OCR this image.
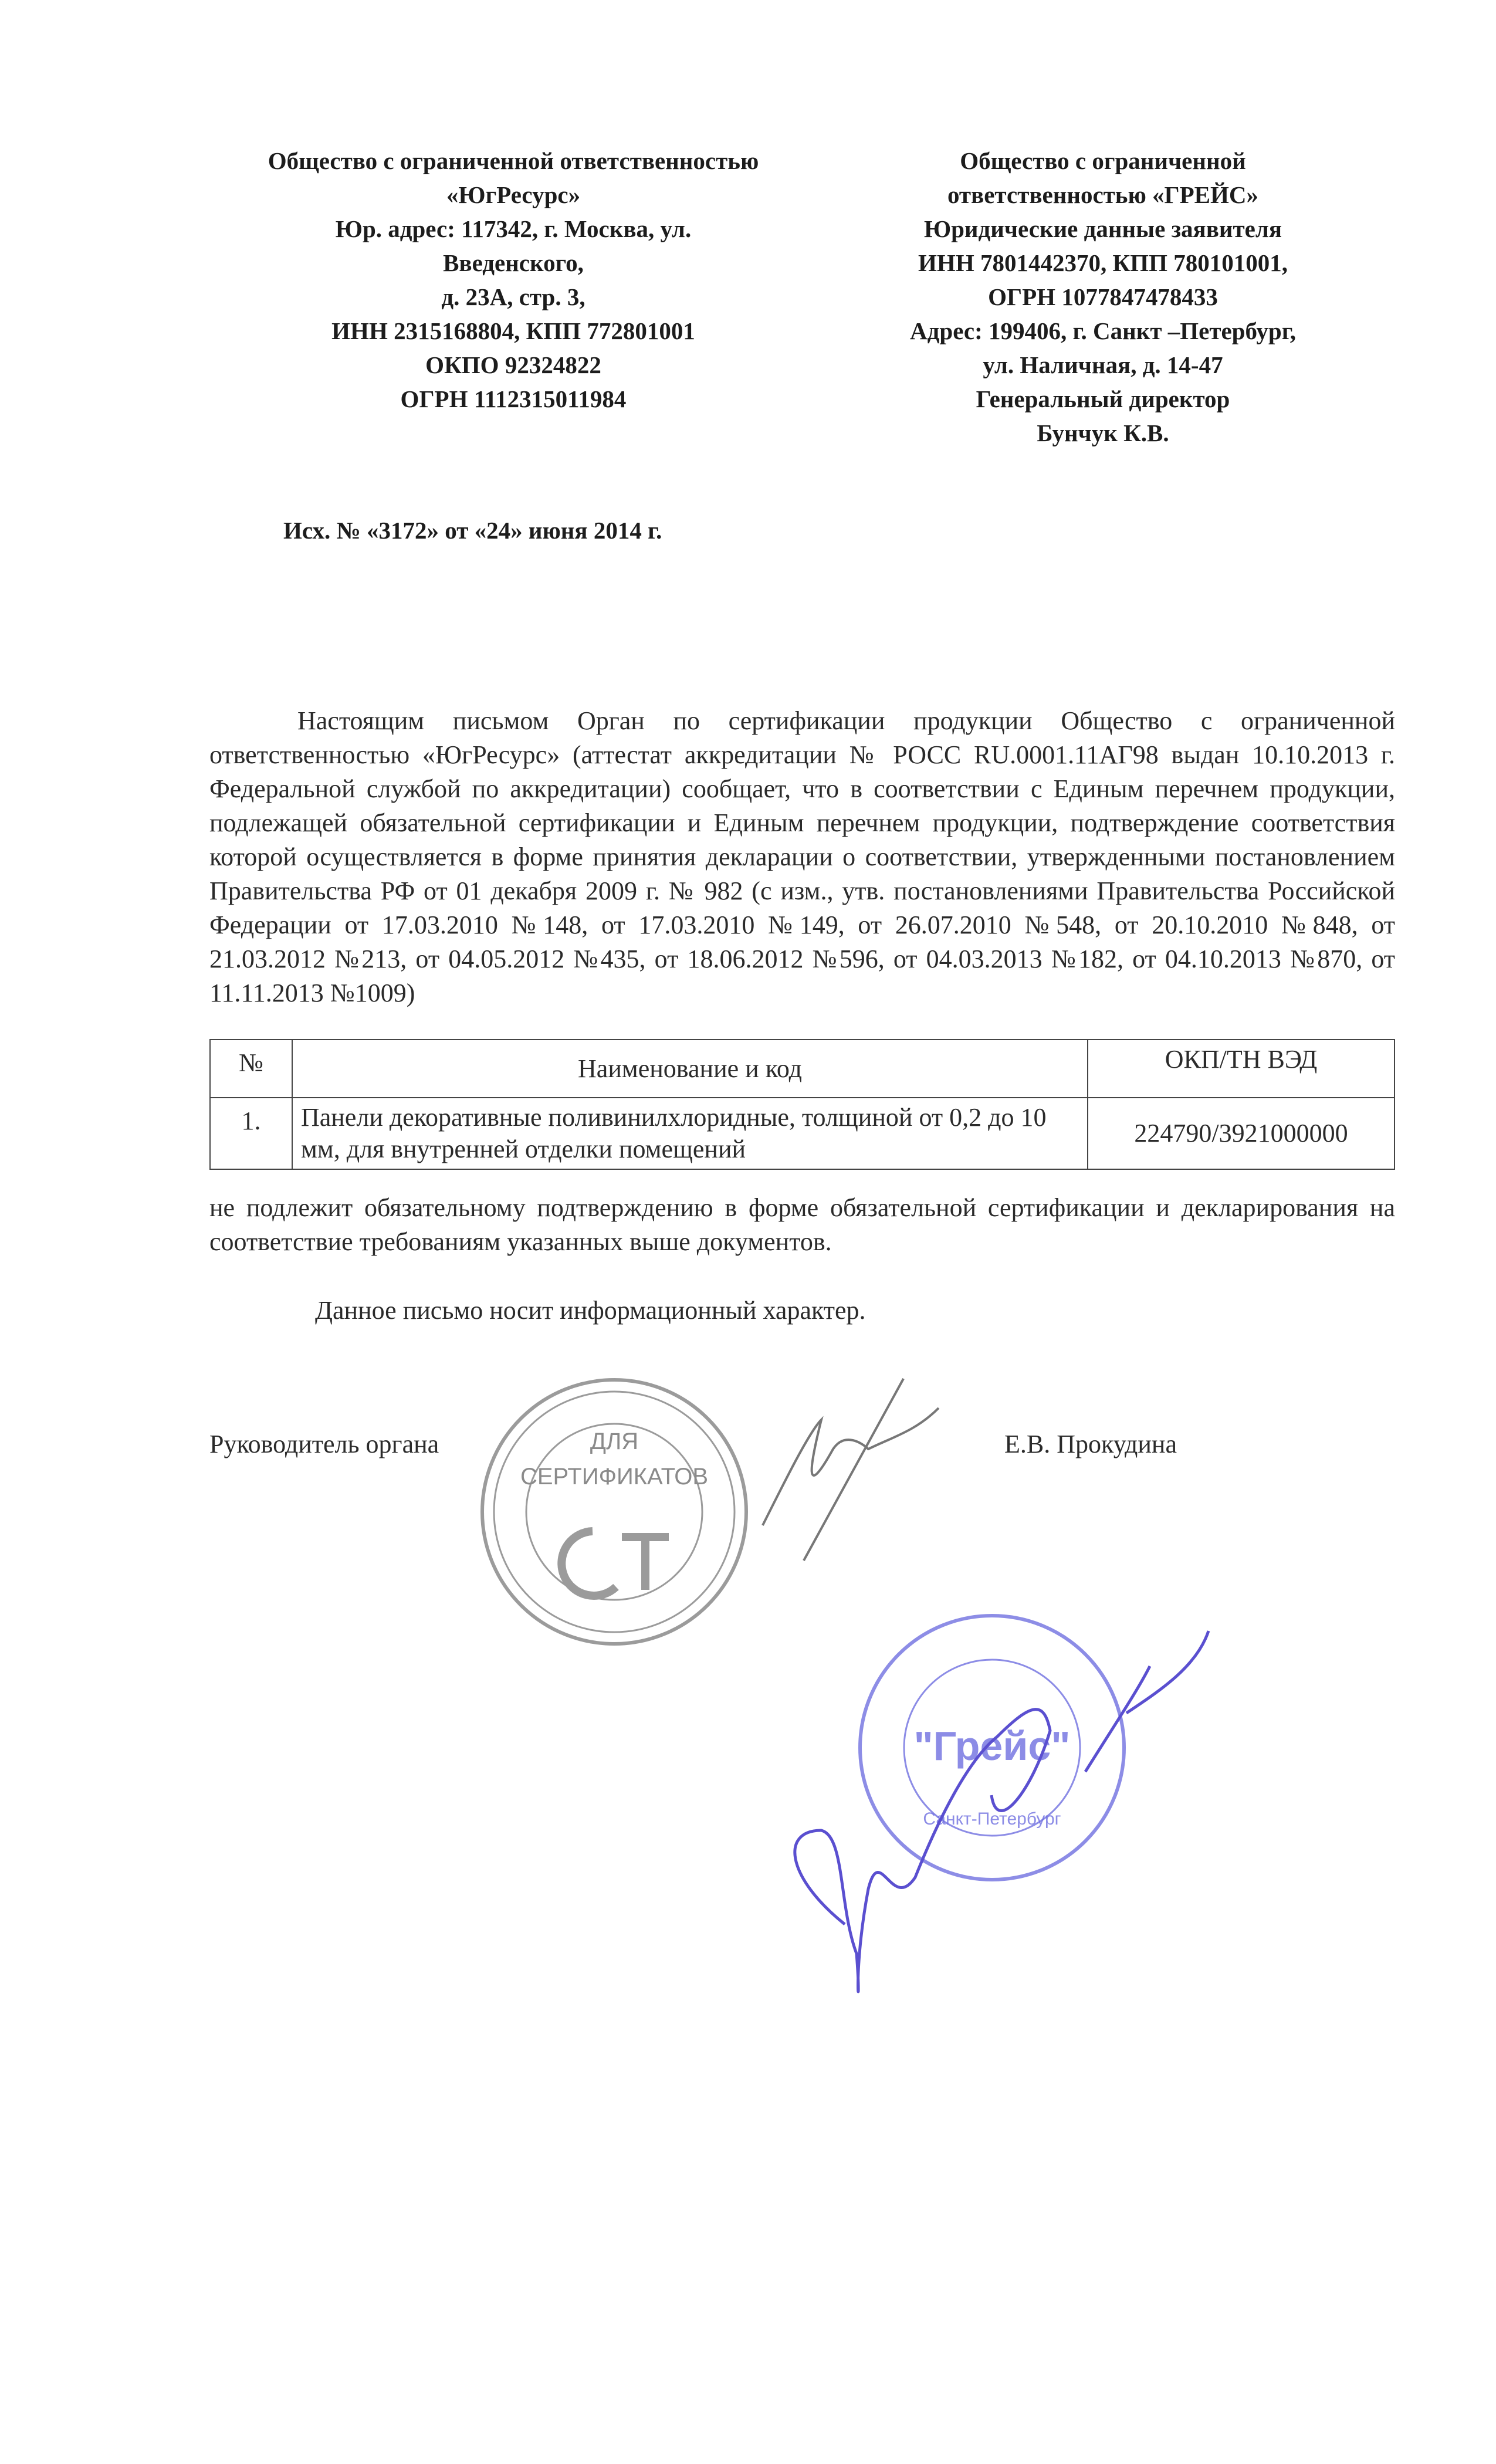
Общество с ограниченной ответственностью
«ЮгРесурс»
Юр. адрес: 117342, г. Москва, ул.
Введенского,
д. 23А, стр. 3,
ИНН 2315168804, КПП 772801001
ОКПО 92324822
ОГРН 1112315011984
Общество с ограниченной
ответственностью «ГРЕЙС»
Юридические данные заявителя
ИНН 7801442370, КПП 780101001,
ОГРН 1077847478433
Адрес: 199406, г. Санкт –Петербург,
ул. Наличная, д. 14-47
Генеральный директор
Бунчук К.В.
Исх. № «3172» от «24» июня 2014 г.
Настоящим письмом Орган по сертификации продукции Общество с ограниченной ответственностью «ЮгРесурс» (аттестат аккредитации № РОСС RU.0001.11АГ98 выдан 10.10.2013 г. Федеральной службой по аккредитации) сообщает, что в соответствии с Единым перечнем продукции, подлежащей обязательной сертификации и Единым перечнем продукции, подтверждение соответствия которой осуществляется в форме принятия декларации о соответствии, утвержденными постановлением Правительства РФ от 01 декабря 2009 г. № 982 (с изм., утв. постановлениями Правительства Российской Федерации от 17.03.2010 №148, от 17.03.2010 №149, от 26.07.2010 №548, от 20.10.2010 №848, от 21.03.2012 №213, от 04.05.2012 №435, от 18.06.2012 №596, от 04.03.2013 №182, от 04.10.2013 №870, от 11.11.2013 №1009)
№	Наименование и код	ОКП/ТН ВЭД
1.	Панели декоративные поливинилхлоридные, толщиной от 0,2 до 10 мм, для внутренней отделки помещений	224790/3921000000
не подлежит обязательному подтверждению в форме обязательной сертификации и декларирования на соответствие требованиям указанных выше документов.
Данное письмо носит информационный характер.
Руководитель органа	Е.В. Прокудина
ДЛЯ
СЕРТИФИКАТОВ
"Грейс"
Санкт-Петербург
